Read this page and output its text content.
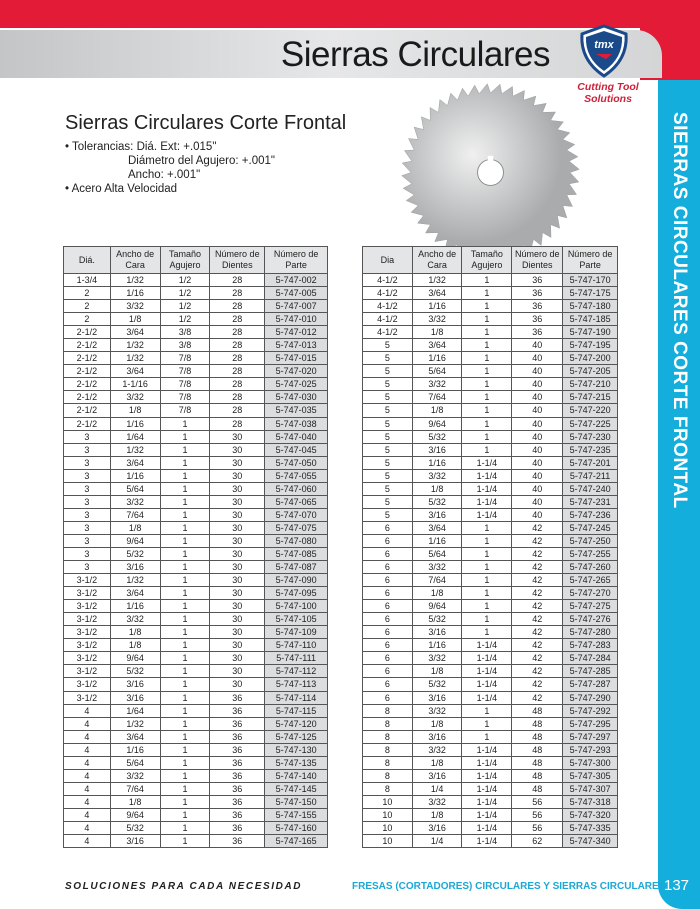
Sierras Circulares	tmx
Cutting Tool
Solutions
SIERRAS CIRCULARES CORTE FRONTAL
Sierras Circulares Corte Frontal
• Tolerancias: Diá. Ext: +.015"
Diámetro del Agujero: +.001"
Ancho: +.001"
• Acero Alta Velocidad
Diá.	Ancho de Cara	Tamaño Agujero	Número de Dientes	Número de Parte
1-3/4	1/32	1/2	28	5-747-002
2	1/16	1/2	28	5-747-005
2	3/32	1/2	28	5-747-007
2	1/8	1/2	28	5-747-010
2-1/2	3/64	3/8	28	5-747-012
2-1/2	1/32	3/8	28	5-747-013
2-1/2	1/32	7/8	28	5-747-015
2-1/2	3/64	7/8	28	5-747-020
2-1/2	1-1/16	7/8	28	5-747-025
2-1/2	3/32	7/8	28	5-747-030
2-1/2	1/8	7/8	28	5-747-035
2-1/2	1/16	1	28	5-747-038
3	1/64	1	30	5-747-040
3	1/32	1	30	5-747-045
3	3/64	1	30	5-747-050
3	1/16	1	30	5-747-055
3	5/64	1	30	5-747-060
3	3/32	1	30	5-747-065
3	7/64	1	30	5-747-070
3	1/8	1	30	5-747-075
3	9/64	1	30	5-747-080
3	5/32	1	30	5-747-085
3	3/16	1	30	5-747-087
3-1/2	1/32	1	30	5-747-090
3-1/2	3/64	1	30	5-747-095
3-1/2	1/16	1	30	5-747-100
3-1/2	3/32	1	30	5-747-105
3-1/2	1/8	1	30	5-747-109
3-1/2	1/8	1	30	5-747-110
3-1/2	9/64	1	30	5-747-111
3-1/2	5/32	1	30	5-747-112
3-1/2	3/16	1	30	5-747-113
3-1/2	3/16	1	36	5-747-114
4	1/64	1	36	5-747-115
4	1/32	1	36	5-747-120
4	3/64	1	36	5-747-125
4	1/16	1	36	5-747-130
4	5/64	1	36	5-747-135
4	3/32	1	36	5-747-140
4	7/64	1	36	5-747-145
4	1/8	1	36	5-747-150
4	9/64	1	36	5-747-155
4	5/32	1	36	5-747-160
4	3/16	1	36	5-747-165
Dia	Ancho de Cara	Tamaño Agujero	Número de Dientes	Número de Parte
4-1/2	1/32	1	36	5-747-170
4-1/2	3/64	1	36	5-747-175
4-1/2	1/16	1	36	5-747-180
4-1/2	3/32	1	36	5-747-185
4-1/2	1/8	1	36	5-747-190
5	3/64	1	40	5-747-195
5	1/16	1	40	5-747-200
5	5/64	1	40	5-747-205
5	3/32	1	40	5-747-210
5	7/64	1	40	5-747-215
5	1/8	1	40	5-747-220
5	9/64	1	40	5-747-225
5	5/32	1	40	5-747-230
5	3/16	1	40	5-747-235
5	1/16	1-1/4	40	5-747-201
5	3/32	1-1/4	40	5-747-211
5	1/8	1-1/4	40	5-747-240
5	5/32	1-1/4	40	5-747-231
5	3/16	1-1/4	40	5-747-236
6	3/64	1	42	5-747-245
6	1/16	1	42	5-747-250
6	5/64	1	42	5-747-255
6	3/32	1	42	5-747-260
6	7/64	1	42	5-747-265
6	1/8	1	42	5-747-270
6	9/64	1	42	5-747-275
6	5/32	1	42	5-747-276
6	3/16	1	42	5-747-280
6	1/16	1-1/4	42	5-747-283
6	3/32	1-1/4	42	5-747-284
6	1/8	1-1/4	42	5-747-285
6	5/32	1-1/4	42	5-747-287
6	3/16	1-1/4	42	5-747-290
8	3/32	1	48	5-747-292
8	1/8	1	48	5-747-295
8	3/16	1	48	5-747-297
8	3/32	1-1/4	48	5-747-293
8	1/8	1-1/4	48	5-747-300
8	3/16	1-1/4	48	5-747-305
8	1/4	1-1/4	48	5-747-307
10	3/32	1-1/4	56	5-747-318
10	1/8	1-1/4	56	5-747-320
10	3/16	1-1/4	56	5-747-335
10	1/4	1-1/4	62	5-747-340
SOLUCIONES PARA CADA NECESIDAD	FRESAS (CORTADORES) CIRCULARES Y SIERRAS CIRCULARES
137
